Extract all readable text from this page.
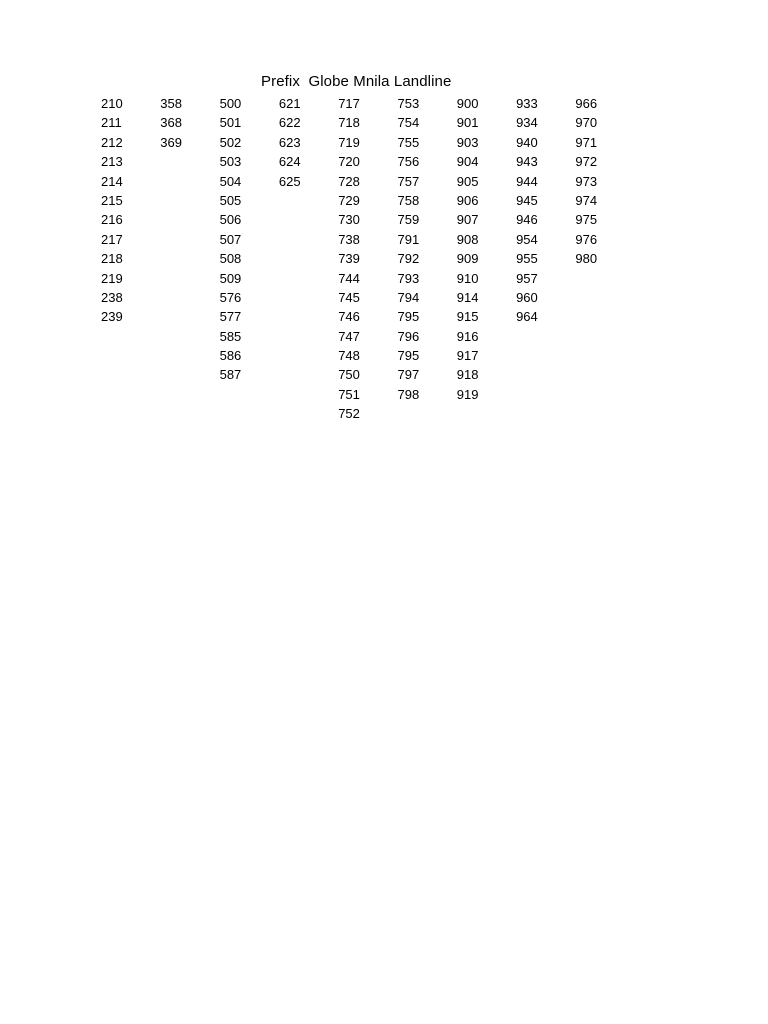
Prefix  Globe Mnila Landline
210
211
212
213
214
215
216
217
218
219
238
239
358
368
369
500
501
502
503
504
505
506
507
508
509
576
577
585
586
587
621
622
623
624
625
717
718
719
720
728
729
730
738
739
744
745
746
747
748
750
751
752
753
754
755
756
757
758
759
791
792
793
794
795
796
795
797
798
900
901
903
904
905
906
907
908
909
910
914
915
916
917
918
919
933
934
940
943
944
945
946
954
955
957
960
964
966
970
971
972
973
974
975
976
980
